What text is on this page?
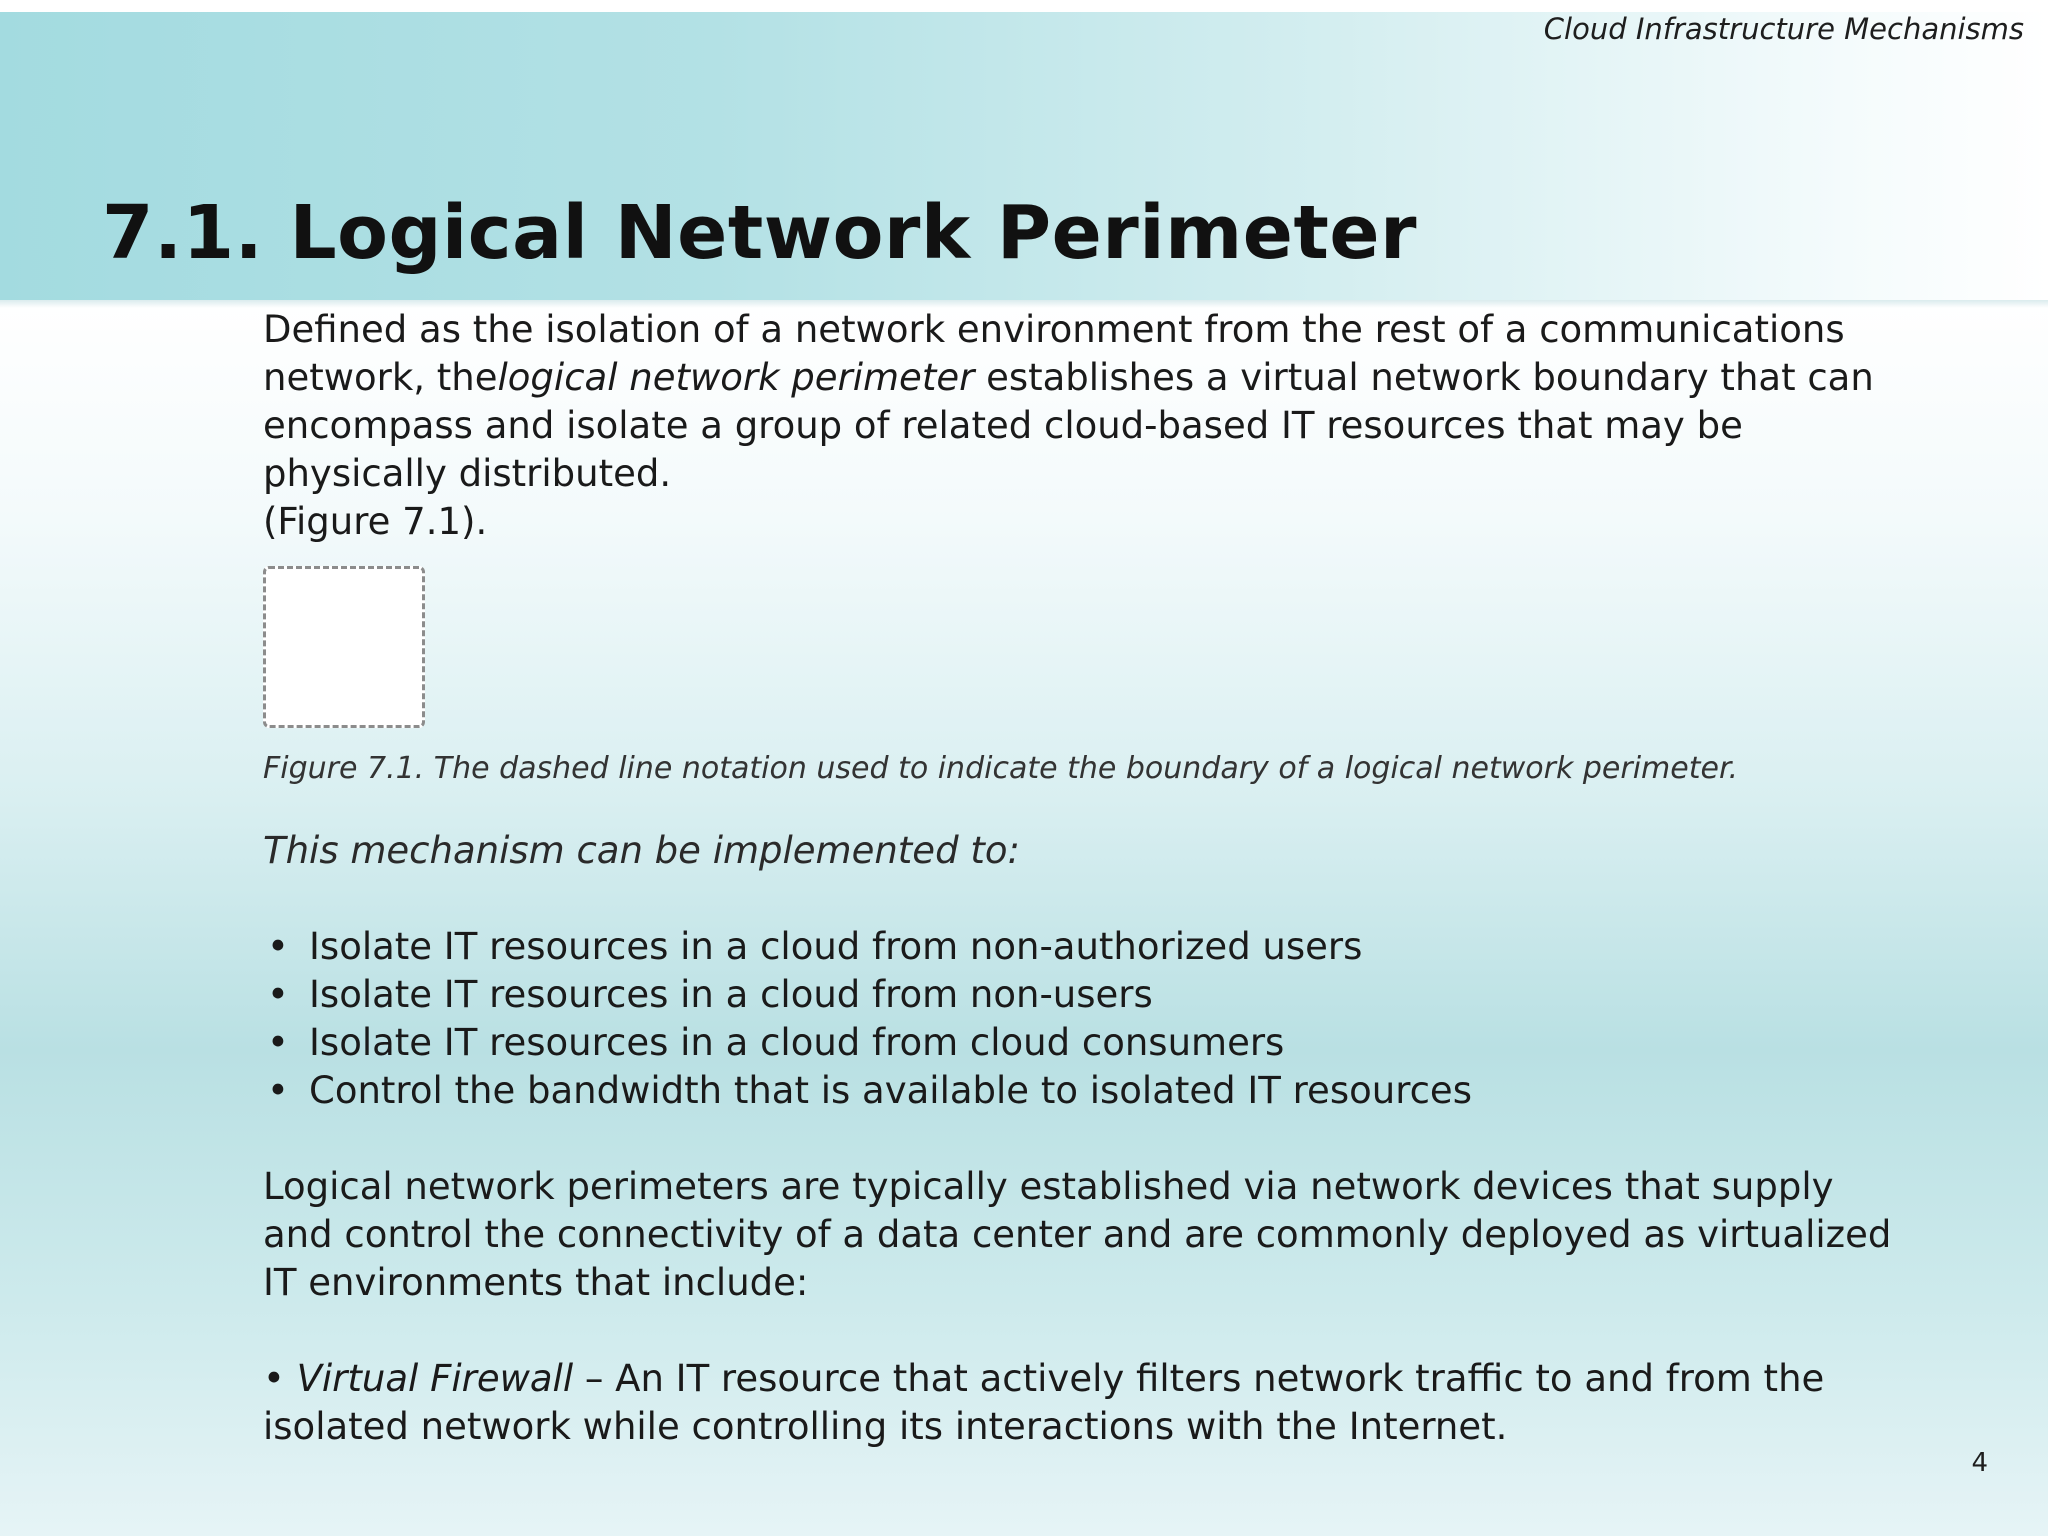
Cloud Infrastructure Mechanisms
7.1. Logical Network Perimeter

Defined as the isolation of a network environment from the rest of a communications network, thelogical network perimeter establishes a virtual network boundary that can encompass and isolate a group of related cloud-based IT resources that may be physically distributed.

(Figure 7.1).

Figure 7.1. The dashed line notation used to indicate the boundary of a logical network perimeter.
This mechanism can be implemented to:
• Isolate IT resources in a cloud from non-authorized users
• Isolate IT resources in a cloud from non-users
• Isolate IT resources in a cloud from cloud consumers
• Control the bandwidth that is available to isolated IT resources

Logical network perimeters are typically established via network devices that supply and control the connectivity of a data center and are commonly deployed as virtualized IT environments that include:

• Virtual Firewall – An IT resource that actively filters network traffic to and from the isolated network while controlling its interactions with the Internet.

4
